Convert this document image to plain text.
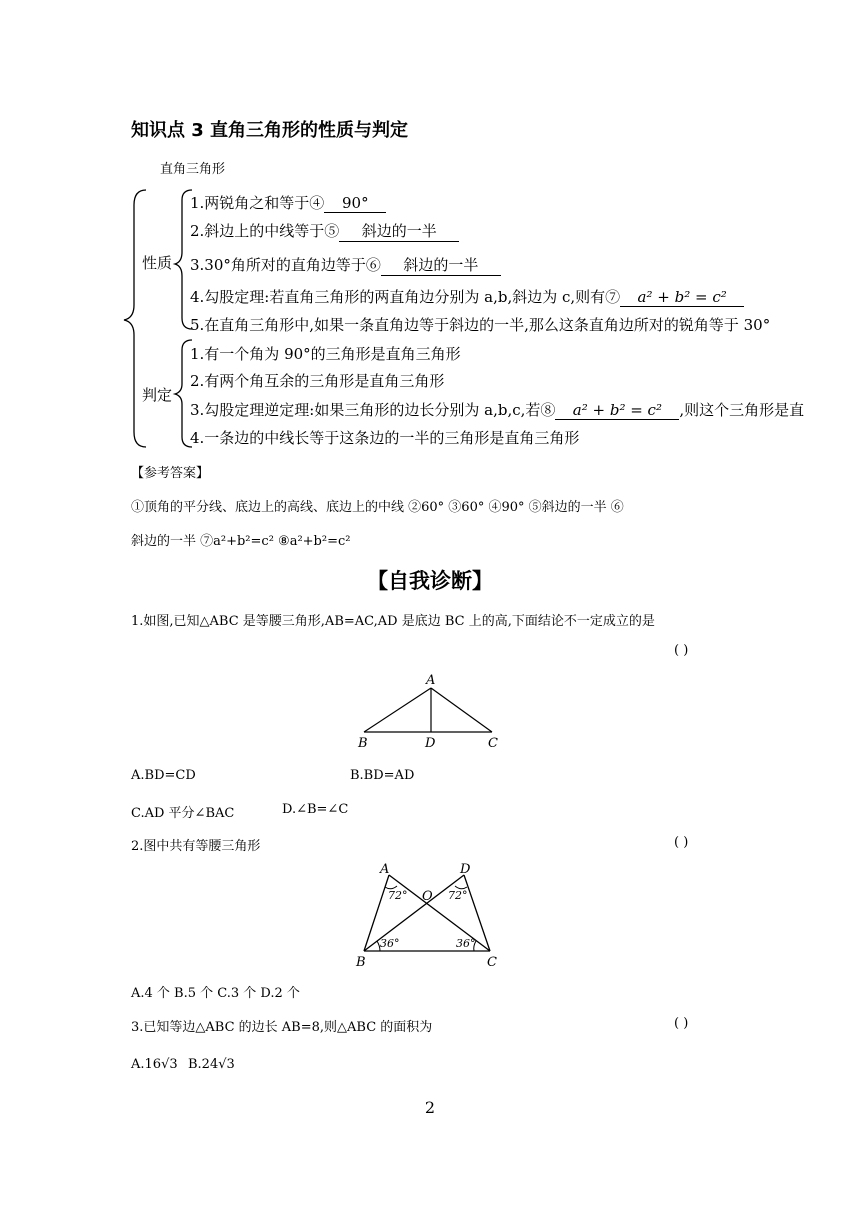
知识点 3 直角三角形的性质与判定
直角三角形
性质
判定
1.两锐角之和等于④ 90°
2.斜边上的中线等于⑤ 斜边的一半
3.30°角所对的直角边等于⑥ 斜边的一半
4.勾股定理:若直角三角形的两直角边分别为 a,b,斜边为 c,则有⑦ a² + b² = c²
5.在直角三角形中,如果一条直角边等于斜边的一半,那么这条直角边所对的锐角等于 30°
1.有一个角为 90°的三角形是直角三角形
2.有两个角互余的三角形是直角三角形
3.勾股定理逆定理:如果三角形的边长分别为 a,b,c,若⑧ a² + b² = c² ,则这个三角形是直
4.一条边的中线长等于这条边的一半的三角形是直角三角形
【参考答案】
①顶角的平分线、底边上的高线、底边上的中线 ②60° ③60° ④90° ⑤斜边的一半 ⑥
斜边的一半 ⑦a²+b²=c² ⑧a²+b²=c²
【自我诊断】
1.如图,已知△ABC 是等腰三角形,AB=AC,AD 是底边 BC 上的高,下面结论不一定成立的是
( )
A
B	D	C
A.BD=CD	B.BD=AD
C.AD 平分∠BAC	D.∠B=∠C
2.图中共有等腰三角形	( )
A	D
O
B	C
72°	72°
36°	36°
A.4 个 B.5 个 C.3 个 D.2 个
3.已知等边△ABC 的边长 AB=8,则△ABC 的面积为	( )
A.16√3 B.24√3
2
